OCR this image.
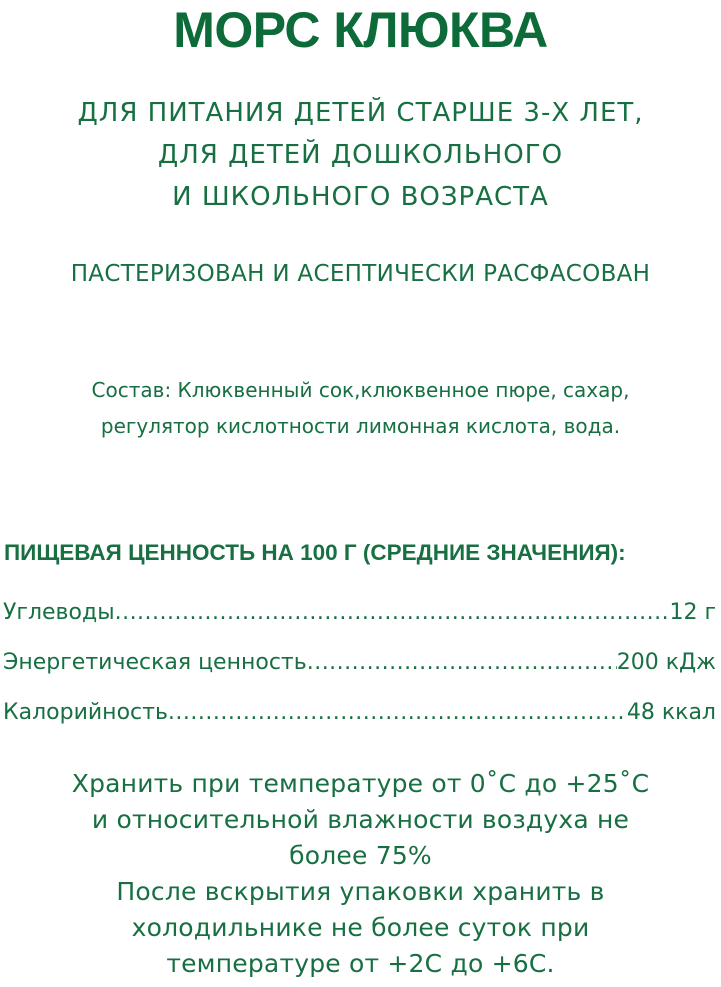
МОРС КЛЮКВА
ДЛЯ ПИТАНИЯ ДЕТЕЙ СТАРШЕ 3-Х ЛЕТ,
ДЛЯ ДЕТЕЙ ДОШКОЛЬНОГО
И ШКОЛЬНОГО ВОЗРАСТА
ПАСТЕРИЗОВАН И АСЕПТИЧЕСКИ РАСФАСОВАН
Состав: Клюквенный сок,клюквенное пюре, сахар,
регулятор кислотности лимонная кислота, вода.
ПИЩЕВАЯ ЦЕННОСТЬ НА 100 Г (СРЕДНИЕ ЗНАЧЕНИЯ):
Углеводы .....	12 г
Энергетическая ценность .....	200 кДж
Калорийность .....	48 ккал
Хранить при температуре от 0˚С до +25˚С
и относительной влажности воздуха не
более 75%
После вскрытия упаковки хранить в
холодильнике не более суток при
температуре от +2С до +6С.
